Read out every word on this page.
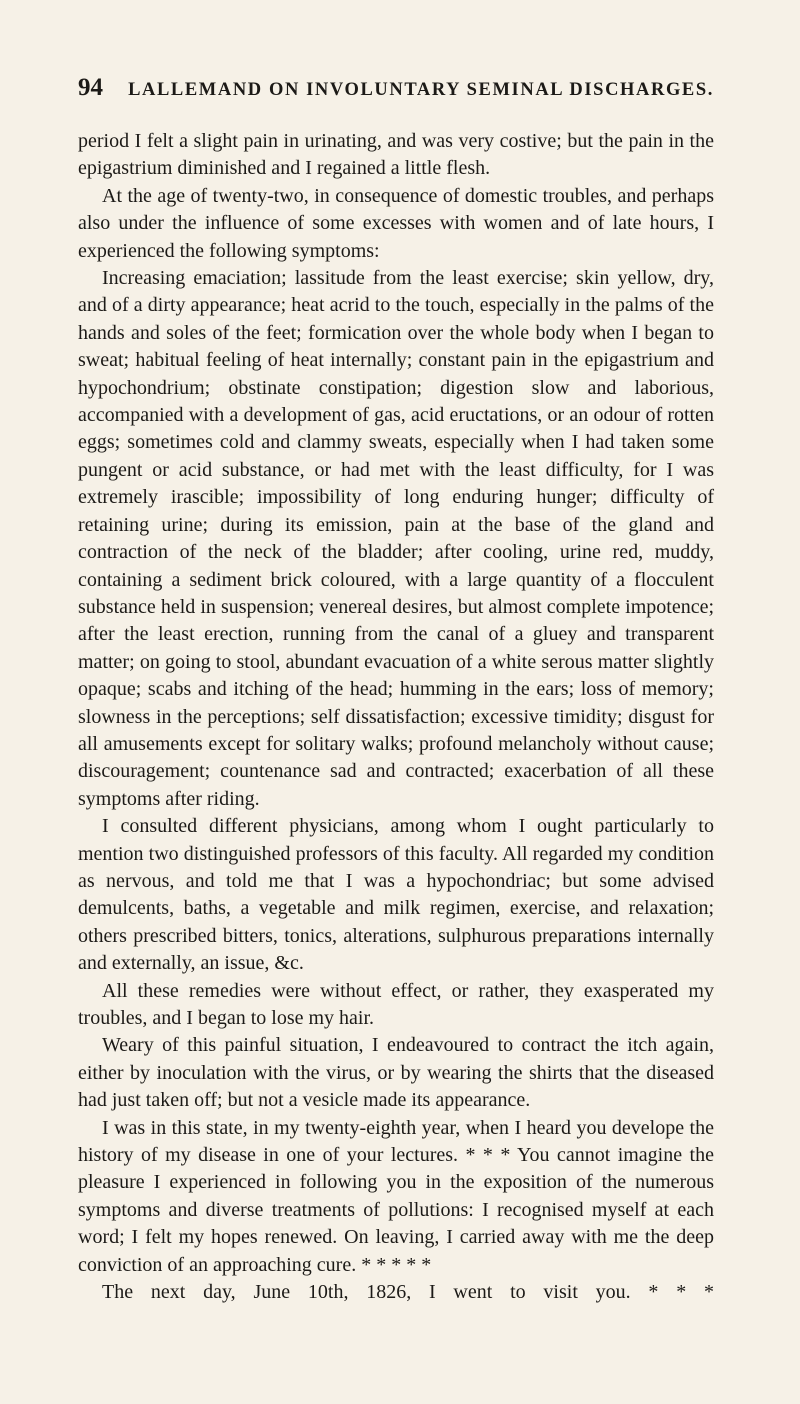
94	LALLEMAND ON INVOLUNTARY SEMINAL DISCHARGES.

period I felt a slight pain in urinating, and was very costive; but the pain in the epigastrium diminished and I regained a little flesh.

At the age of twenty-two, in consequence of domestic troubles, and perhaps also under the influence of some excesses with women and of late hours, I experienced the following symptoms:

Increasing emaciation; lassitude from the least exercise; skin yellow, dry, and of a dirty appearance; heat acrid to the touch, especially in the palms of the hands and soles of the feet; formication over the whole body when I began to sweat; habitual feeling of heat internally; constant pain in the epigastrium and hypochondrium; obstinate constipation; digestion slow and laborious, accompanied with a development of gas, acid eructations, or an odour of rotten eggs; sometimes cold and clammy sweats, especially when I had taken some pungent or acid substance, or had met with the least difficulty, for I was extremely irascible; impossibility of long enduring hunger; difficulty of retaining urine; during its emission, pain at the base of the gland and contraction of the neck of the bladder; after cooling, urine red, muddy, containing a sediment brick coloured, with a large quantity of a flocculent substance held in suspension; venereal desires, but almost complete impotence; after the least erection, running from the canal of a gluey and transparent matter; on going to stool, abundant evacuation of a white serous matter slightly opaque; scabs and itching of the head; humming in the ears; loss of memory; slowness in the perceptions; self dissatisfaction; excessive timidity; disgust for all amusements except for solitary walks; profound melancholy without cause; discouragement; countenance sad and contracted; exacerbation of all these symptoms after riding.

I consulted different physicians, among whom I ought particularly to mention two distinguished professors of this faculty. All regarded my condition as nervous, and told me that I was a hypochondriac; but some advised demulcents, baths, a vegetable and milk regimen, exercise, and relaxation; others prescribed bitters, tonics, alterations, sulphurous preparations internally and externally, an issue, &c.

All these remedies were without effect, or rather, they exasperated my troubles, and I began to lose my hair.

Weary of this painful situation, I endeavoured to contract the itch again, either by inoculation with the virus, or by wearing the shirts that the diseased had just taken off; but not a vesicle made its appearance.

I was in this state, in my twenty-eighth year, when I heard you develope the history of my disease in one of your lectures. * * * You cannot imagine the pleasure I experienced in following you in the exposition of the numerous symptoms and diverse treatments of pollutions: I recognised myself at each word; I felt my hopes renewed. On leaving, I carried away with me the deep conviction of an approaching cure. * * * * *

The next day, June 10th, 1826, I went to visit you. * * *
